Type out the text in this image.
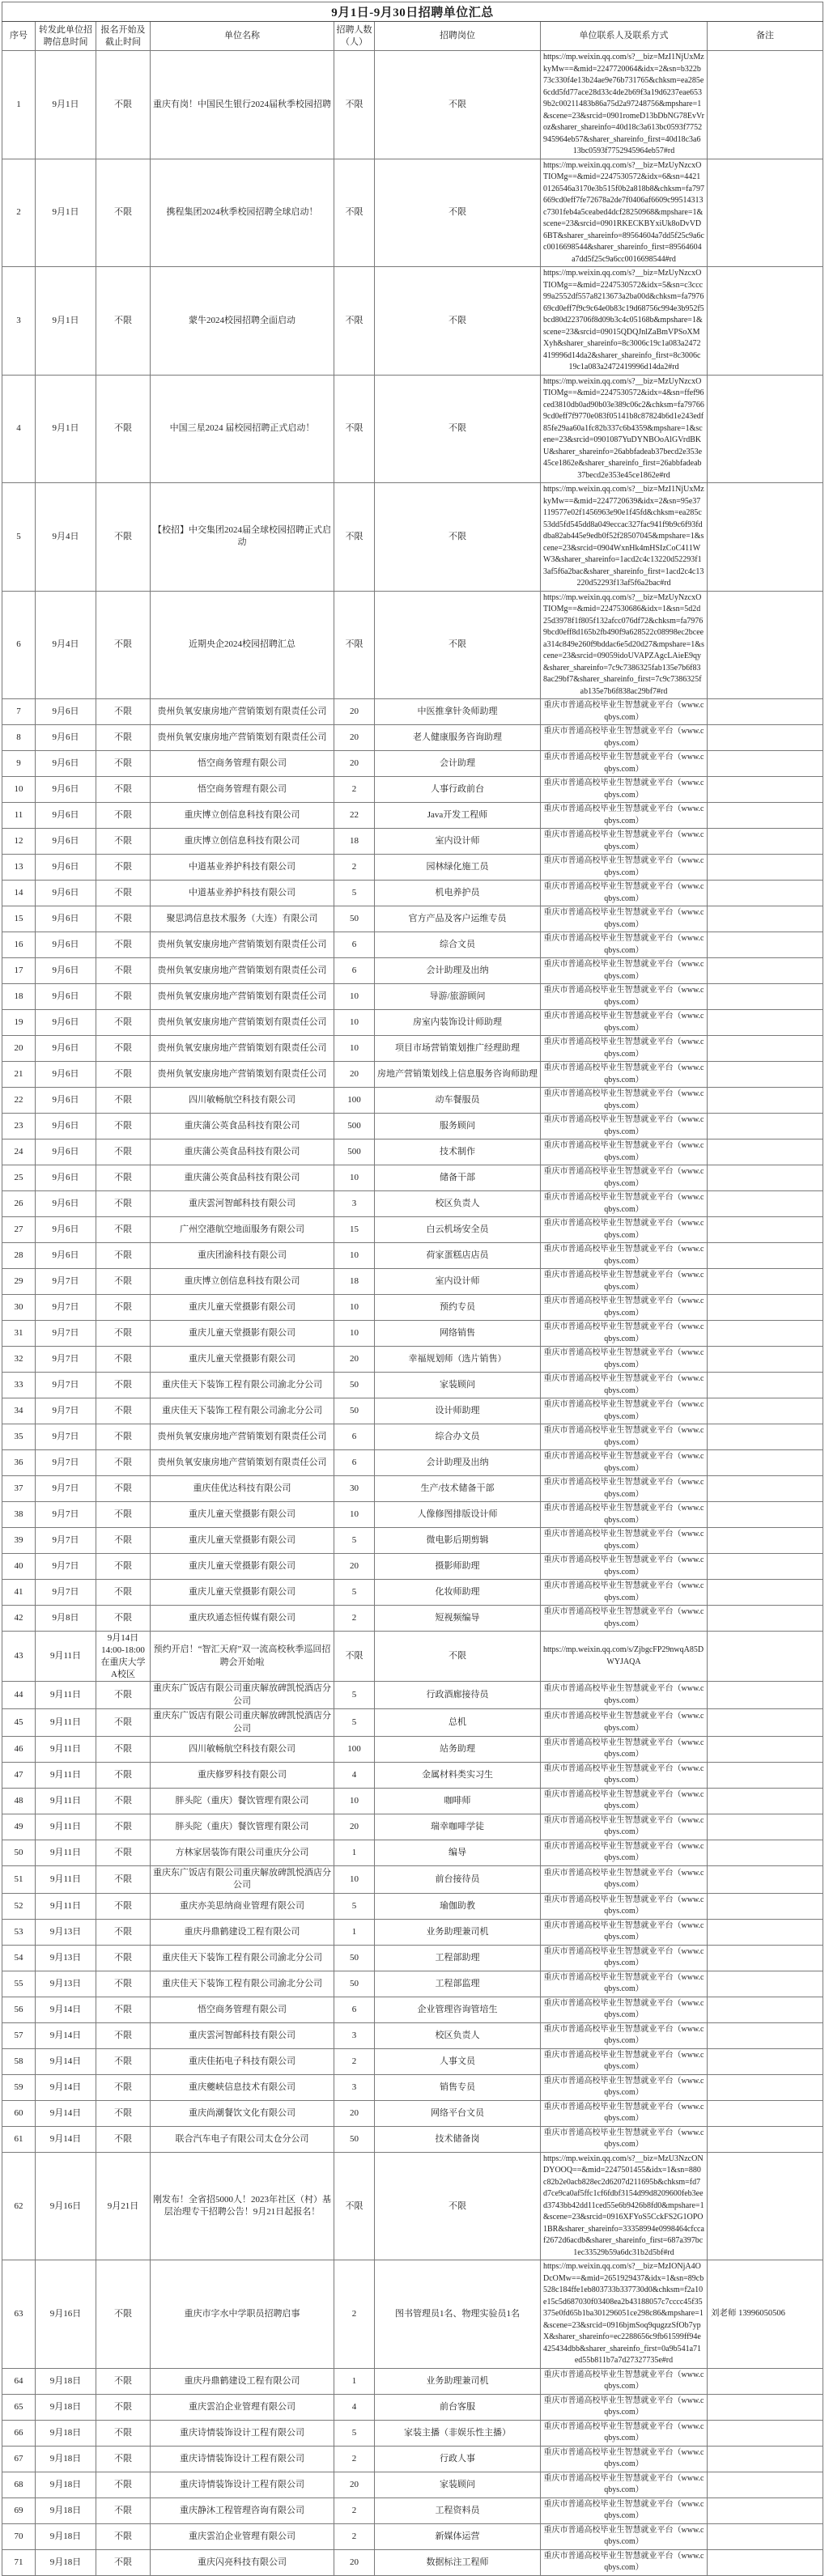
9月1日-9月30日招聘单位汇总							
序号	转发此单位招聘信息时间	报名开始及截止时间	单位名称	招聘人数（人）	招聘岗位	单位联系人及联系方式	备注
1	9月1日	不限	重庆有岗！中国民生银行2024届秋季校园招聘	不限	不限	https://mp.weixin.qq.com/s?__biz=MzI1NjUxMzkyMw==&mid=2247720064&idx=2&sn=b322b73c330f4e13b24ae9e76b731765&chksm=ea285e6cdd5fd77ace28d33c4de2b69f3a19d6237eae6539b2c00211483b86a75d2a97248756&mpshare=1&scene=23&srcid=0901romeD13bDbNG78EvVroz&sharer_shareinfo=40d18c3a613bc0593f7752945964eb57&sharer_shareinfo_first=40d18c3a613bc0593f7752945964eb57#rd	
2	9月1日	不限	携程集团2024秋季校园招聘全球启动！	不限	不限	https://mp.weixin.qq.com/s?__biz=MzUyNzcxOTIOMg==&mid=2247530572&idx=6&sn=44210126546a3170e3b515f0b2a818b8&chksm=fa797669cd0eff7fe72678a2de7f0406af6609c99514313c7301feb4a5ceabed4dcf28250968&mpshare=1&scene=23&srcid=0901RKECKBYxiUk8oDvVD6BT&sharer_shareinfo=89564604a7dd5f25c9a6cc0016698544&sharer_shareinfo_first=89564604a7dd5f25c9a6cc0016698544#rd	
3	9月1日	不限	蒙牛2024校园招聘全面启动	不限	不限	https://mp.weixin.qq.com/s?__biz=MzUyNzcxOTIOMg==&mid=2247530572&idx=5&sn=c3ccc99a2552df557a8213673a2ba00d&chksm=fa797669cd0eff7f9c9c64e0b83c19d68756c994e3b952f5bcd80d223706f8d09b3c4c05168b&mpshare=1&scene=23&srcid=09015QDQJnlZaBmVPSoXMXyh&sharer_shareinfo=8c3006c19c1a083a2472419996d14da2&sharer_shareinfo_first=8c3006c19c1a083a2472419996d14da2#rd	
4	9月1日	不限	中国三星2024 届校园招聘正式启动！	不限	不限	https://mp.weixin.qq.com/s?__biz=MzUyNzcxOTIOMg==&mid=2247530572&idx=4&sn=ffef96ced3810db0ad90b03e389c06c2&chksm=fa797669cd0eff7f9770e083f05141b8c87824b6d1e243edf85fe29aa60a1fc82b337c6b4359&mpshare=1&scene=23&srcid=0901087YuDYNBOoAlGVrdBKU&sharer_shareinfo=26abbfadeab37becd2e353e45ce1862e&sharer_shareinfo_first=26abbfadeab37becd2e353e45ce1862e#rd	
5	9月4日	不限	【校招】中交集团2024届全球校园招聘正式启动	不限	不限	https://mp.weixin.qq.com/s?__biz=MzI1NjUxMzkyMw==&mid=2247720639&idx=2&sn=95e37119577e02f1456963e90e1f45fd&chksm=ea285c53dd5fd545dd8a049eccac327fac941f9b9c6f93fddba82ab445e9edb0f52f28507045&mpshare=1&scene=23&srcid=0904WxnHk4mHSIzCoC411WW3&sharer_shareinfo=1acd2c4c13220d52293f13af5f6a2bac&sharer_shareinfo_first=1acd2c4c13220d52293f13af5f6a2bac#rd	
6	9月4日	不限	近期央企2024校园招聘汇总	不限	不限	https://mp.weixin.qq.com/s?__biz=MzUyNzcxOTIOMg==&mid=2247530686&idx=1&sn=5d2d25d3978f1f805f132afcc076df72&chksm=fa79769bcd0eff8d165b2fb490f9a628522c08998ec2bceea314c849e260f9bddac6e5d20d27&mpshare=1&scene=23&srcid=09059idoUVAPZAgcLAieE9qy&sharer_shareinfo=7c9c7386325fab135e7b6f838ac29bf7&sharer_shareinfo_first=7c9c7386325fab135e7b6f838ac29bf7#rd	
7	9月6日	不限	贵州负氧安康房地产营销策划有限责任公司	20	中医推拿针灸师助理	重庆市普通高校毕业生智慧就业平台（www.cqbys.com）	
8	9月6日	不限	贵州负氧安康房地产营销策划有限责任公司	20	老人健康服务咨询助理	重庆市普通高校毕业生智慧就业平台（www.cqbys.com）	
9	9月6日	不限	悟空商务管理有限公司	20	会计助理	重庆市普通高校毕业生智慧就业平台（www.cqbys.com）	
10	9月6日	不限	悟空商务管理有限公司	2	人事行政前台	重庆市普通高校毕业生智慧就业平台（www.cqbys.com）	
11	9月6日	不限	重庆博立创信息科技有限公司	22	Java开发工程师	重庆市普通高校毕业生智慧就业平台（www.cqbys.com）	
12	9月6日	不限	重庆博立创信息科技有限公司	18	室内设计师	重庆市普通高校毕业生智慧就业平台（www.cqbys.com）	
13	9月6日	不限	中道基业养护科技有限公司	2	园林绿化施工员	重庆市普通高校毕业生智慧就业平台（www.cqbys.com）	
14	9月6日	不限	中道基业养护科技有限公司	5	机电养护员	重庆市普通高校毕业生智慧就业平台（www.cqbys.com）	
15	9月6日	不限	聚思鸿信息技术服务（大连）有限公司	50	官方产品及客户运维专员	重庆市普通高校毕业生智慧就业平台（www.cqbys.com）	
16	9月6日	不限	贵州负氧安康房地产营销策划有限责任公司	6	综合文员	重庆市普通高校毕业生智慧就业平台（www.cqbys.com）	
17	9月6日	不限	贵州负氧安康房地产营销策划有限责任公司	6	会计助理及出纳	重庆市普通高校毕业生智慧就业平台（www.cqbys.com）	
18	9月6日	不限	贵州负氧安康房地产营销策划有限责任公司	10	导游/旅游顾问	重庆市普通高校毕业生智慧就业平台（www.cqbys.com）	
19	9月6日	不限	贵州负氧安康房地产营销策划有限责任公司	10	房室内装饰设计师助理	重庆市普通高校毕业生智慧就业平台（www.cqbys.com）	
20	9月6日	不限	贵州负氧安康房地产营销策划有限责任公司	10	项目市场营销策划推广经理助理	重庆市普通高校毕业生智慧就业平台（www.cqbys.com）	
21	9月6日	不限	贵州负氧安康房地产营销策划有限责任公司	20	房地产营销策划线上信息服务咨询师助理	重庆市普通高校毕业生智慧就业平台（www.cqbys.com）	
22	9月6日	不限	四川敏畅航空科技有限公司	100	动车餐服员	重庆市普通高校毕业生智慧就业平台（www.cqbys.com）	
23	9月6日	不限	重庆蒲公英食品科技有限公司	500	服务顾问	重庆市普通高校毕业生智慧就业平台（www.cqbys.com）	
24	9月6日	不限	重庆蒲公英食品科技有限公司	500	技术制作	重庆市普通高校毕业生智慧就业平台（www.cqbys.com）	
25	9月6日	不限	重庆蒲公英食品科技有限公司	10	储备干部	重庆市普通高校毕业生智慧就业平台（www.cqbys.com）	
26	9月6日	不限	重庆雲河智邮科技有限公司	3	校区负责人	重庆市普通高校毕业生智慧就业平台（www.cqbys.com）	
27	9月6日	不限	广州空港航空地面服务有限公司	15	白云机场安全员	重庆市普通高校毕业生智慧就业平台（www.cqbys.com）	
28	9月6日	不限	重庆团渝科技有限公司	10	荷家蛋糕店店员	重庆市普通高校毕业生智慧就业平台（www.cqbys.com）	
29	9月7日	不限	重庆博立创信息科技有限公司	18	室内设计师	重庆市普通高校毕业生智慧就业平台（www.cqbys.com）	
30	9月7日	不限	重庆儿童天堂摄影有限公司	10	预约专员	重庆市普通高校毕业生智慧就业平台（www.cqbys.com）	
31	9月7日	不限	重庆儿童天堂摄影有限公司	10	网络销售	重庆市普通高校毕业生智慧就业平台（www.cqbys.com）	
32	9月7日	不限	重庆儿童天堂摄影有限公司	20	幸福规划师（选片销售）	重庆市普通高校毕业生智慧就业平台（www.cqbys.com）	
33	9月7日	不限	重庆佳天下装饰工程有限公司渝北分公司	50	家装顾问	重庆市普通高校毕业生智慧就业平台（www.cqbys.com）	
34	9月7日	不限	重庆佳天下装饰工程有限公司渝北分公司	50	设计师助理	重庆市普通高校毕业生智慧就业平台（www.cqbys.com）	
35	9月7日	不限	贵州负氧安康房地产营销策划有限责任公司	6	综合办文员	重庆市普通高校毕业生智慧就业平台（www.cqbys.com）	
36	9月7日	不限	贵州负氧安康房地产营销策划有限责任公司	6	会计助理及出纳	重庆市普通高校毕业生智慧就业平台（www.cqbys.com）	
37	9月7日	不限	重庆佳优达科技有限公司	30	生产/技术储备干部	重庆市普通高校毕业生智慧就业平台（www.cqbys.com）	
38	9月7日	不限	重庆儿童天堂摄影有限公司	10	人像修图排版设计师	重庆市普通高校毕业生智慧就业平台（www.cqbys.com）	
39	9月7日	不限	重庆儿童天堂摄影有限公司	5	微电影后期剪辑	重庆市普通高校毕业生智慧就业平台（www.cqbys.com）	
40	9月7日	不限	重庆儿童天堂摄影有限公司	20	摄影师助理	重庆市普通高校毕业生智慧就业平台（www.cqbys.com）	
41	9月7日	不限	重庆儿童天堂摄影有限公司	5	化妆师助理	重庆市普通高校毕业生智慧就业平台（www.cqbys.com）	
42	9月8日	不限	重庆玖通态恒传媒有限公司	2	短视频编导	重庆市普通高校毕业生智慧就业平台（www.cqbys.com）	
43	9月11日	9月14日 14:00-18:00 在重庆大学A校区	预约开启！“智汇天府”双一流高校秋季巡回招聘会开始啦	不限	不限	https://mp.weixin.qq.com/s/ZjbgcFP29nwqA85DWYJAQA	
44	9月11日	不限	重庆东广饭店有限公司重庆解放碑凯悦酒店分公司	5	行政酒廊接待员	重庆市普通高校毕业生智慧就业平台（www.cqbys.com）	
45	9月11日	不限	重庆东广饭店有限公司重庆解放碑凯悦酒店分公司	5	总机	重庆市普通高校毕业生智慧就业平台（www.cqbys.com）	
46	9月11日	不限	四川敏畅航空科技有限公司	100	站务助理	重庆市普通高校毕业生智慧就业平台（www.cqbys.com）	
47	9月11日	不限	重庆修罗科技有限公司	4	金属材料类实习生	重庆市普通高校毕业生智慧就业平台（www.cqbys.com）	
48	9月11日	不限	胖头陀（重庆）餐饮管理有限公司	10	咖啡师	重庆市普通高校毕业生智慧就业平台（www.cqbys.com）	
49	9月11日	不限	胖头陀（重庆）餐饮管理有限公司	20	瑞幸咖啡学徒	重庆市普通高校毕业生智慧就业平台（www.cqbys.com）	
50	9月11日	不限	方林家居装饰有限公司重庆分公司	1	编导	重庆市普通高校毕业生智慧就业平台（www.cqbys.com）	
51	9月11日	不限	重庆东广饭店有限公司重庆解放碑凯悦酒店分公司	10	前台接待员	重庆市普通高校毕业生智慧就业平台（www.cqbys.com）	
52	9月11日	不限	重庆亦美思纳商业管理有限公司	5	瑜伽助教	重庆市普通高校毕业生智慧就业平台（www.cqbys.com）	
53	9月13日	不限	重庆丹鼎鹤建设工程有限公司	1	业务助理兼司机	重庆市普通高校毕业生智慧就业平台（www.cqbys.com）	
54	9月13日	不限	重庆佳天下装饰工程有限公司渝北分公司	50	工程部助理	重庆市普通高校毕业生智慧就业平台（www.cqbys.com）	
55	9月13日	不限	重庆佳天下装饰工程有限公司渝北分公司	50	工程部监理	重庆市普通高校毕业生智慧就业平台（www.cqbys.com）	
56	9月14日	不限	悟空商务管理有限公司	6	企业管理咨询管培生	重庆市普通高校毕业生智慧就业平台（www.cqbys.com）	
57	9月14日	不限	重庆雲河智邮科技有限公司	3	校区负责人	重庆市普通高校毕业生智慧就业平台（www.cqbys.com）	
58	9月14日	不限	重庆佳拓电子科技有限公司	2	人事文员	重庆市普通高校毕业生智慧就业平台（www.cqbys.com）	
59	9月14日	不限	重庆夔峡信息技术有限公司	3	销售专员	重庆市普通高校毕业生智慧就业平台（www.cqbys.com）	
60	9月14日	不限	重庆尚潮餐饮文化有限公司	20	网络平台文员	重庆市普通高校毕业生智慧就业平台（www.cqbys.com）	
61	9月14日	不限	联合汽车电子有限公司太仓分公司	50	技术储备岗	重庆市普通高校毕业生智慧就业平台（www.cqbys.com）	
62	9月16日	9月21日	刚发布！全省招5000人！2023年社区（村）基层治理专干招聘公告！9月21日起报名！	不限	不限	https://mp.weixin.qq.com/s?__biz=MzU3NzcONDYOOQ==&mid=2247501455&idx=1&sn=880c82b2e0acb828ec2d6207d211695b&chksm=fd7d7ce9ca0af5ffc1cf6fdbf3154d99d8209600feb3eed3743bb42dd11ced55e6b9426b8fd0&mpshare=1&scene=23&srcid=0916XFYoS5CckFS2G1OPO1BR&sharer_shareinfo=33358994e0998464cfccaf2672d6acdb&sharer_shareinfo_first=687a397bc1ec33529b59a6dc31b2d5bf#rd	
63	9月16日	不限	重庆市字水中学职员招聘启事	2	图书管理员1名、物理实验员1名	https://mp.weixin.qq.com/s?__biz=MzIONjA4ODcOMw==&mid=2651929437&idx=1&sn=89cb528c184ffe1eb803733b337730d0&chksm=f2a10e15c5d687030f03408ea2b43188057c7cccc45f35375e0fd65b1ba301296051ce298c86&mpshare=1&scene=23&srcid=0916bjmSoq9qugzzSfOb7ypX&sharer_shareinfo=ec2288656c9fb61599ff94e425434dbb&sharer_shareinfo_first=0a9b541a71ed55b811b7a7d27327735e#rd	刘老师 13996050506
64	9月18日	不限	重庆丹鼎鹤建设工程有限公司	1	业务助理兼司机	重庆市普通高校毕业生智慧就业平台（www.cqbys.com）	
65	9月18日	不限	重庆雲泊企业管理有限公司	4	前台客服	重庆市普通高校毕业生智慧就业平台（www.cqbys.com）	
66	9月18日	不限	重庆诗情装饰设计工程有限公司	5	家装主播（非娱乐性主播）	重庆市普通高校毕业生智慧就业平台（www.cqbys.com）	
67	9月18日	不限	重庆诗情装饰设计工程有限公司	2	行政人事	重庆市普通高校毕业生智慧就业平台（www.cqbys.com）	
68	9月18日	不限	重庆诗情装饰设计工程有限公司	20	家装顾问	重庆市普通高校毕业生智慧就业平台（www.cqbys.com）	
69	9月18日	不限	重庆静沐工程管理咨询有限公司	2	工程资料员	重庆市普通高校毕业生智慧就业平台（www.cqbys.com）	
70	9月18日	不限	重庆雲泊企业管理有限公司	2	新媒体运营	重庆市普通高校毕业生智慧就业平台（www.cqbys.com）	
71	9月18日	不限	重庆闪亮科技有限公司	20	数据标注工程师	重庆市普通高校毕业生智慧就业平台（www.cqbys.com）	
